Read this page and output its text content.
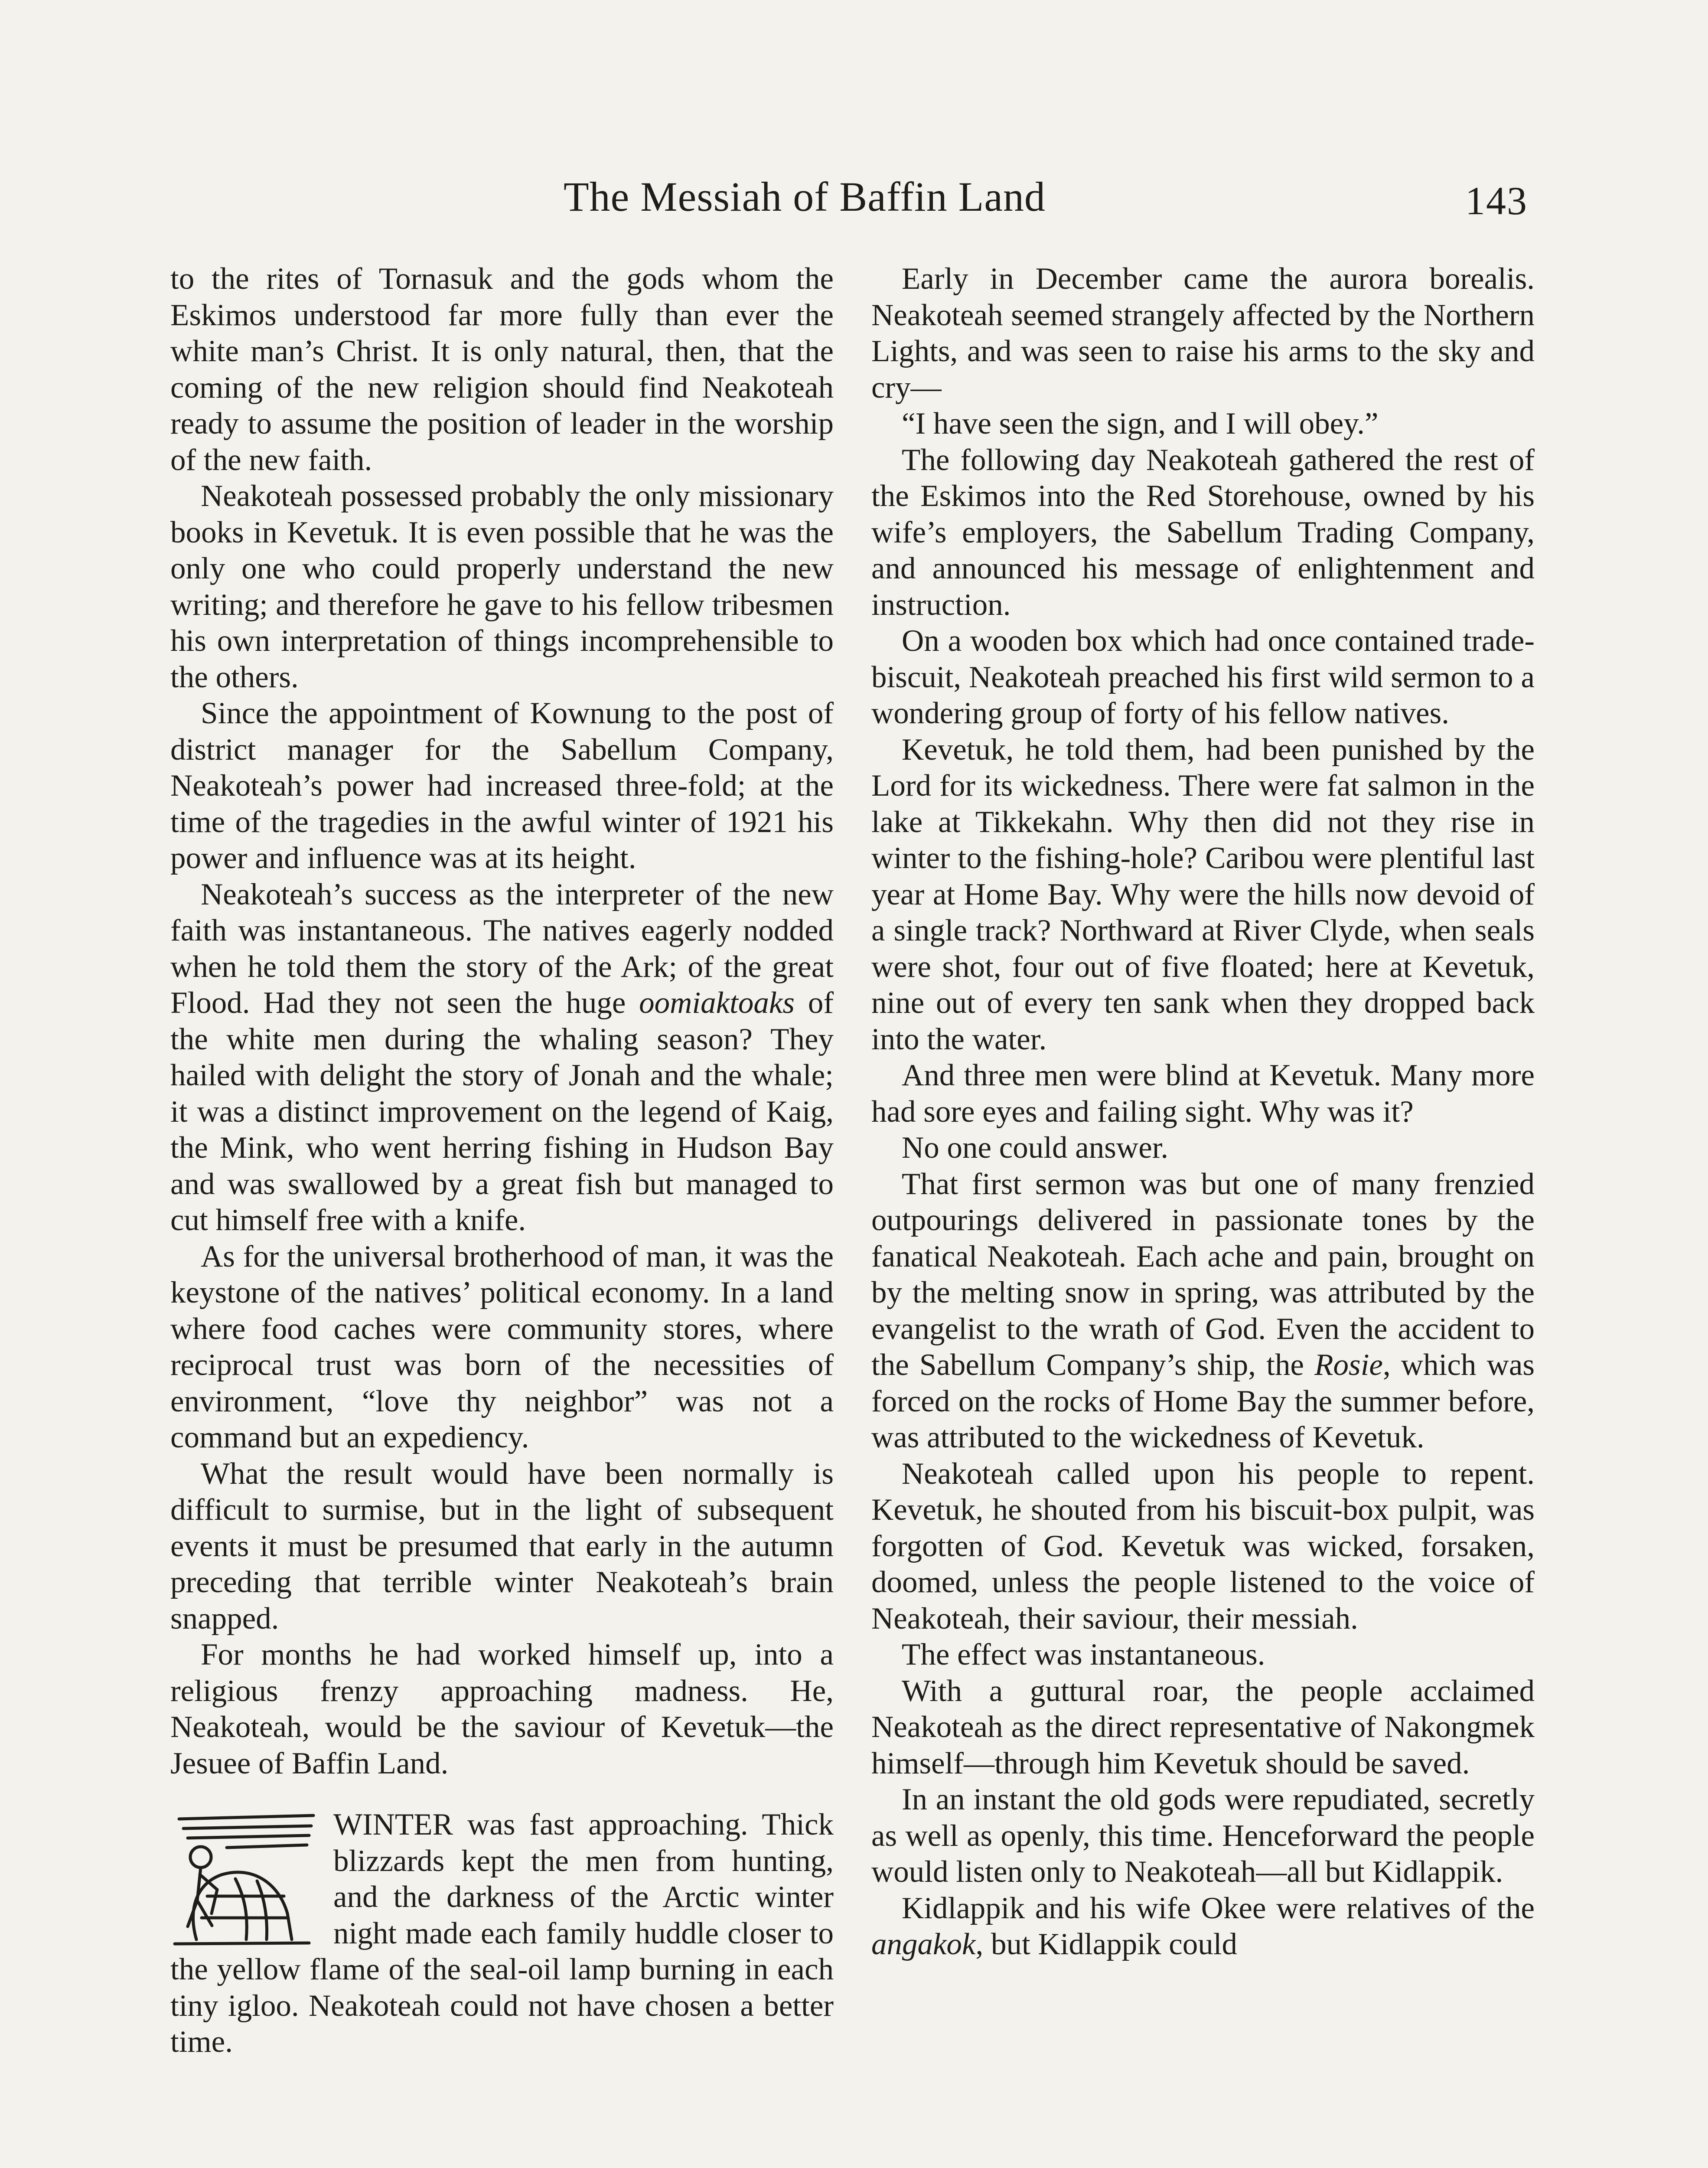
The Messiah of Baffin Land	143

to the rites of Tornasuk and the gods whom the Eskimos understood far more fully than ever the white man’s Christ. It is only natural, then, that the coming of the new religion should find Neakoteah ready to assume the position of leader in the worship of the new faith.

Neakoteah possessed probably the only missionary books in Kevetuk. It is even possible that he was the only one who could properly understand the new writing; and therefore he gave to his fellow tribesmen his own interpretation of things incomprehensible to the others.

Since the appointment of Kownung to the post of district manager for the Sabellum Company, Neakoteah’s power had increased three-fold; at the time of the tragedies in the awful winter of 1921 his power and influence was at its height.

Neakoteah’s success as the interpreter of the new faith was instantaneous. The natives eagerly nodded when he told them the story of the Ark; of the great Flood. Had they not seen the huge oomiaktoaks of the white men during the whaling season? They hailed with delight the story of Jonah and the whale; it was a distinct improvement on the legend of Kaig, the Mink, who went herring fishing in Hudson Bay and was swallowed by a great fish but managed to cut himself free with a knife.

As for the universal brotherhood of man, it was the keystone of the natives’ political economy. In a land where food caches were community stores, where reciprocal trust was born of the necessities of environment, “love thy neighbor” was not a command but an expediency.

What the result would have been normally is difficult to surmise, but in the light of subsequent events it must be presumed that early in the autumn preceding that terrible winter Neakoteah’s brain snapped.

For months he had worked himself up, into a religious frenzy approaching madness. He, Neakoteah, would be the saviour of Kevetuk—the Jesuee of Baffin Land.

WINTER was fast approaching. Thick blizzards kept the men from hunting, and the darkness of the Arctic winter night made each family huddle closer to the yellow flame of the seal-oil lamp burning in each tiny igloo. Neakoteah could not have chosen a better time.

Early in December came the aurora borealis. Neakoteah seemed strangely affected by the Northern Lights, and was seen to raise his arms to the sky and cry—

“I have seen the sign, and I will obey.”

The following day Neakoteah gathered the rest of the Eskimos into the Red Storehouse, owned by his wife’s employers, the Sabellum Trading Company, and announced his message of enlightenment and instruction.

On a wooden box which had once contained trade-biscuit, Neakoteah preached his first wild sermon to a wondering group of forty of his fellow natives.

Kevetuk, he told them, had been punished by the Lord for its wickedness. There were fat salmon in the lake at Tikkekahn. Why then did not they rise in winter to the fishing-hole? Caribou were plentiful last year at Home Bay. Why were the hills now devoid of a single track? Northward at River Clyde, when seals were shot, four out of five floated; here at Kevetuk, nine out of every ten sank when they dropped back into the water.

And three men were blind at Kevetuk. Many more had sore eyes and failing sight. Why was it?

No one could answer.

That first sermon was but one of many frenzied outpourings delivered in passionate tones by the fanatical Neakoteah. Each ache and pain, brought on by the melting snow in spring, was attributed by the evangelist to the wrath of God. Even the accident to the Sabellum Company’s ship, the Rosie, which was forced on the rocks of Home Bay the summer before, was attributed to the wickedness of Kevetuk.

Neakoteah called upon his people to repent. Kevetuk, he shouted from his biscuit-box pulpit, was forgotten of God. Kevetuk was wicked, forsaken, doomed, unless the people listened to the voice of Neakoteah, their saviour, their messiah.

The effect was instantaneous.

With a guttural roar, the people acclaimed Neakoteah as the direct representative of Nakongmek himself—through him Kevetuk should be saved.

In an instant the old gods were repudiated, secretly as well as openly, this time. Henceforward the people would listen only to Neakoteah—all but Kidlappik.

Kidlappik and his wife Okee were relatives of the angakok, but Kidlappik could
